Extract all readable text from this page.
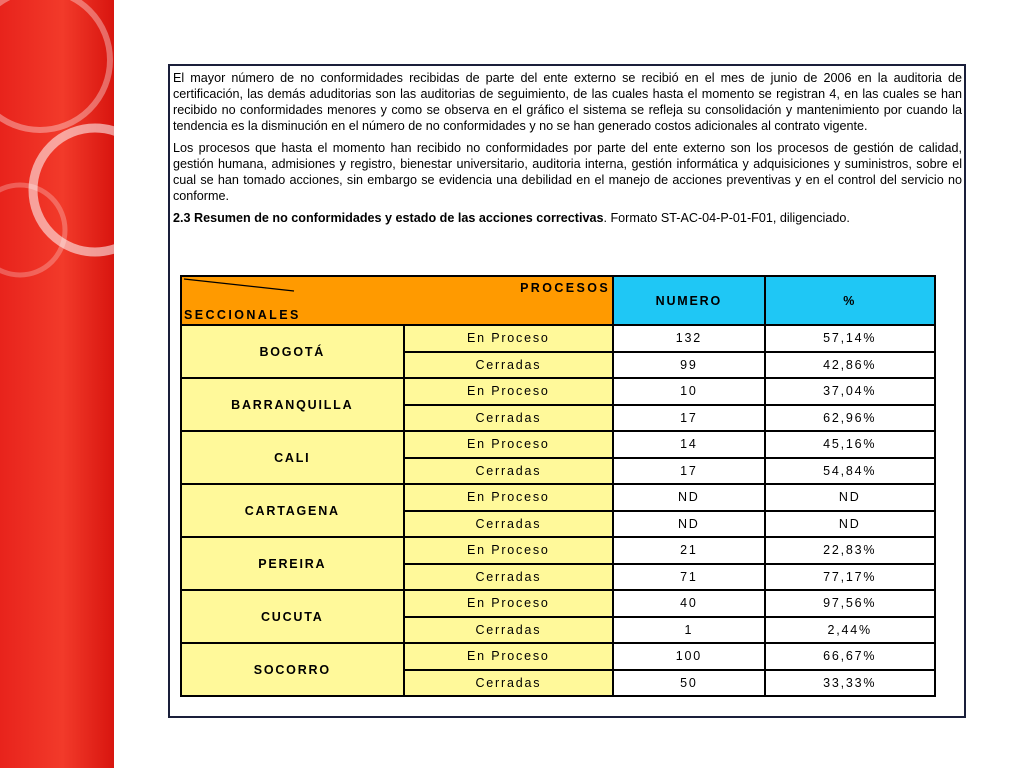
El mayor número de no conformidades recibidas de parte del ente externo se recibió en el mes de junio de 2006 en la auditoria de certificación, las demás aduditorias son las auditorias de seguimiento, de las cuales hasta el momento se registran 4, en las cuales se han recibido no conformidades menores y como se observa en el gráfico el sistema se refleja su consolidación y mantenimiento por cuando la tendencia es la disminución en el número de no conformidades y no se han generado costos adicionales al contrato vigente.

Los procesos que hasta el momento han recibido no conformidades por parte del ente externo son los procesos de gestión de calidad, gestión humana, admisiones y registro, bienestar universitario, auditoria interna, gestión informática y adquisiciones y suministros, sobre el cual se han tomado acciones, sin embargo se evidencia una debilidad en el manejo de acciones preventivas y en el control del servicio no conforme.

2.3 Resumen de no conformidades y estado de las acciones correctivas. Formato ST-AC-04-P-01-F01, diligenciado.

PROCESOS
SECCIONALES		NUMERO	%
BOGOTÁ	En Proceso	132	57,14%
	Cerradas	99	42,86%
BARRANQUILLA	En Proceso	10	37,04%
	Cerradas	17	62,96%
CALI	En Proceso	14	45,16%
	Cerradas	17	54,84%
CARTAGENA	En Proceso	ND	ND
	Cerradas	ND	ND
PEREIRA	En Proceso	21	22,83%
	Cerradas	71	77,17%
CUCUTA	En Proceso	40	97,56%
	Cerradas	1	2,44%
SOCORRO	En Proceso	100	66,67%
	Cerradas	50	33,33%
